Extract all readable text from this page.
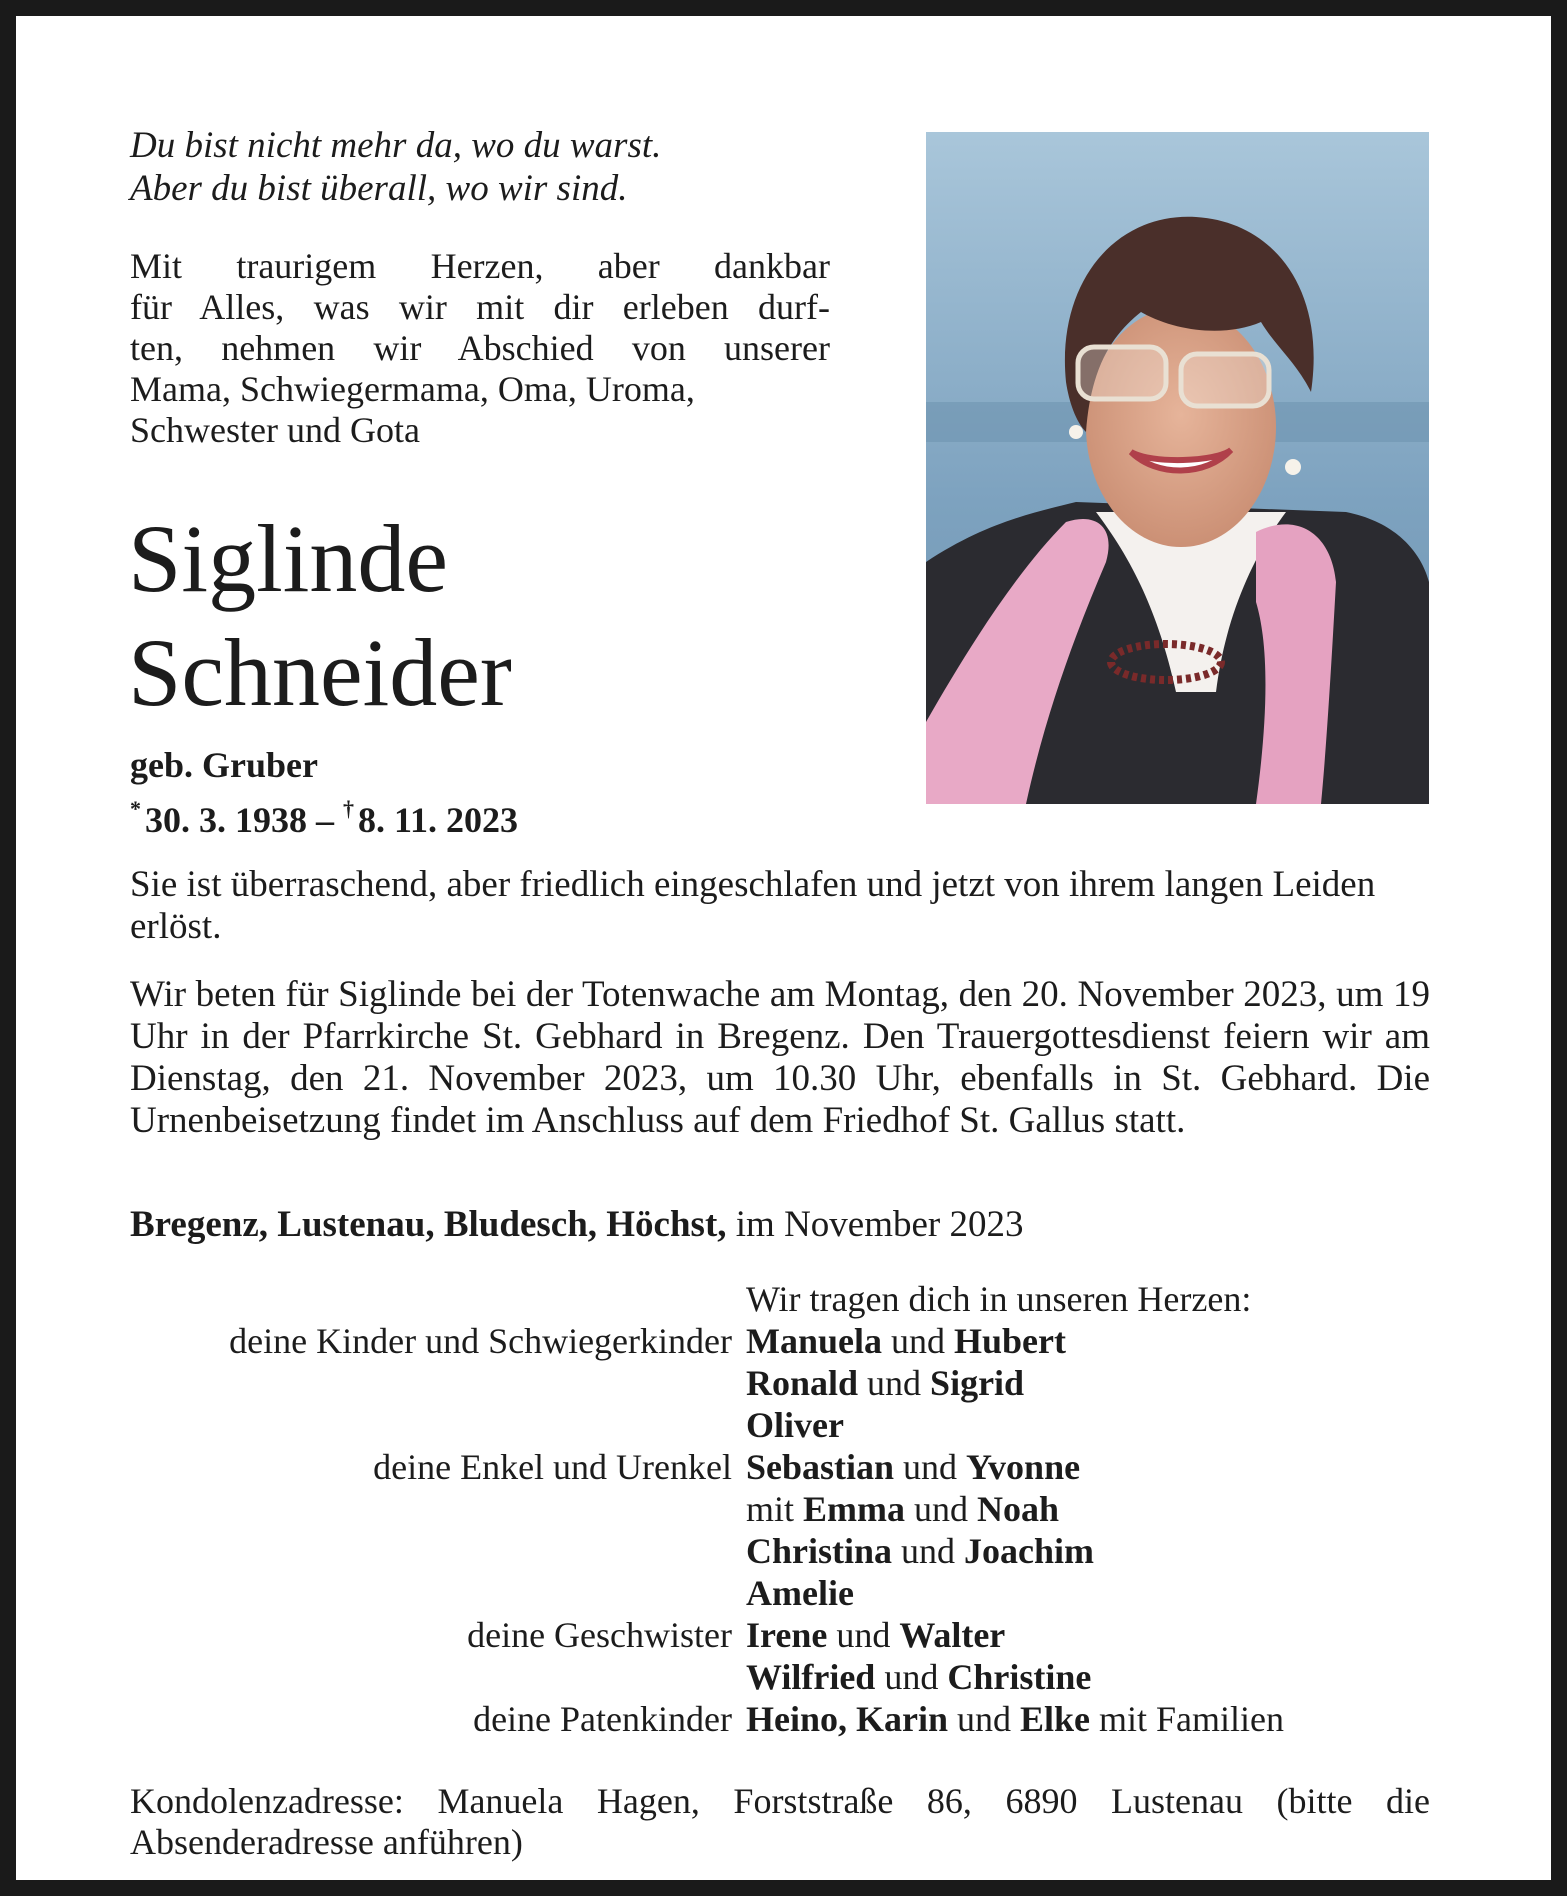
Du bist nicht mehr da, wo du warst.
Aber du bist überall, wo wir sind.
Mit traurigem Herzen, aber dankbar
für Alles, was wir mit dir erleben durf-
ten, nehmen wir Abschied von unserer
Mama, Schwiegermama, Oma, Uroma,
Schwester und Gota
Siglinde
Schneider
geb. Gruber
* 30. 3. 1938 – † 8. 11. 2023
Sie ist überraschend, aber friedlich eingeschlafen und jetzt von ihrem langen Leiden erlöst.
Wir beten für Siglinde bei der Totenwache am Montag, den 20. November 2023, um 19 Uhr in der Pfarrkirche St. Gebhard in Bregenz. Den Trauergottesdienst feiern wir am Dienstag, den 21. November 2023, um 10.30 Uhr, ebenfalls in St. Gebhard. Die Urnenbeisetzung findet im Anschluss auf dem Friedhof St. Gallus statt.
Bregenz, Lustenau, Bludesch, Höchst, im November 2023
Wir tragen dich in unseren Herzen:
deine Kinder und Schwiegerkinder Manuela und Hubert
Ronald und Sigrid
Oliver
deine Enkel und Urenkel Sebastian und Yvonne
mit Emma und Noah
Christina und Joachim
Amelie
deine Geschwister Irene und Walter
Wilfried und Christine
deine Patenkinder Heino, Karin und Elke mit Familien
Kondolenzadresse: Manuela Hagen, Forststraße 86, 6890 Lustenau (bitte die Absenderadresse anführen)
